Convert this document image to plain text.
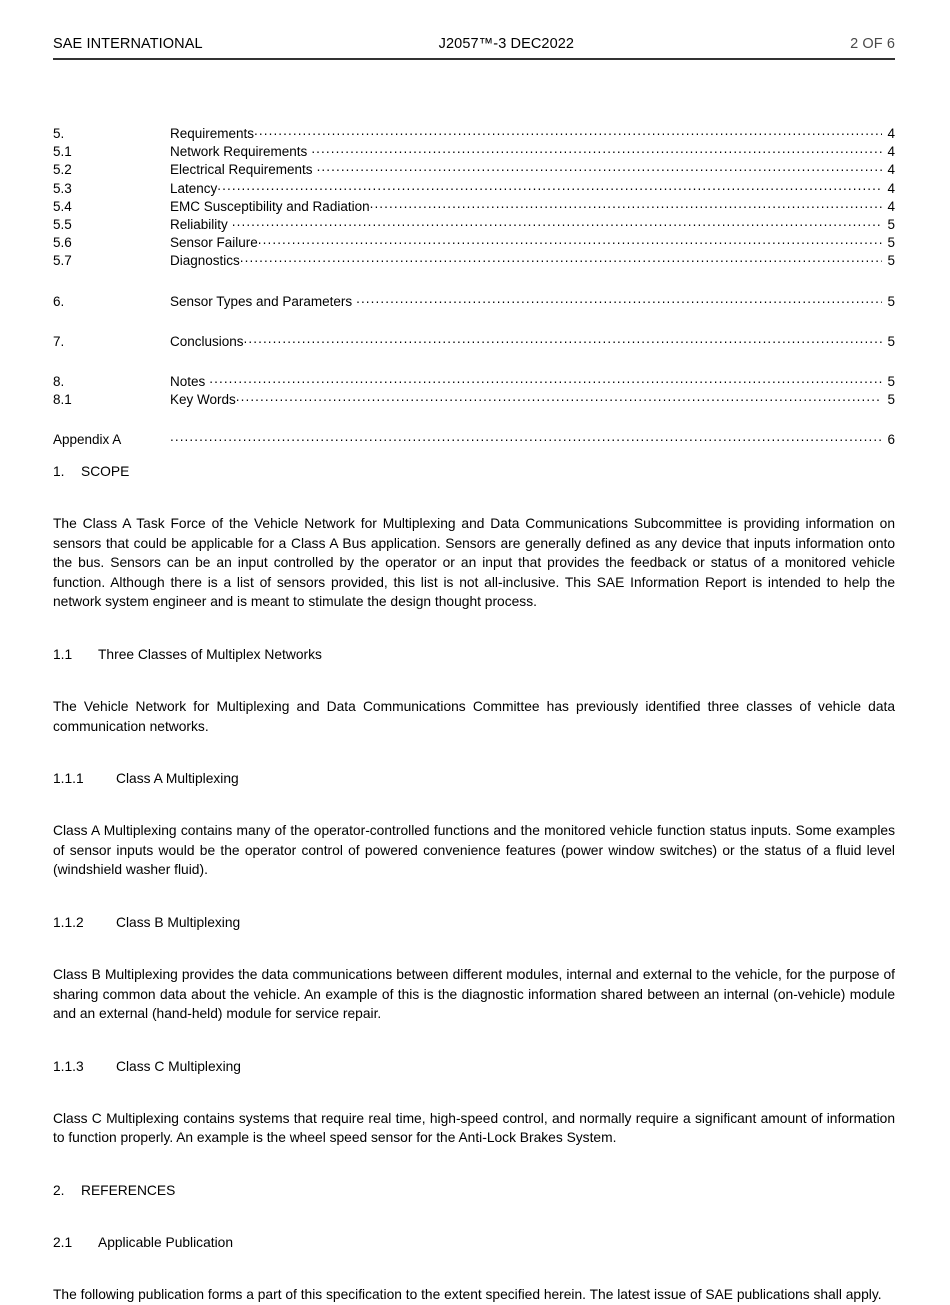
SAE INTERNATIONAL	J2057™-3 DEC2022	2 OF 6
5.	Requirements .....	4
5.1	Network Requirements .....	4
5.2	Electrical Requirements .....	4
5.3	Latency .....	4
5.4	EMC Susceptibility and Radiation .....	4
5.5	Reliability .....	5
5.6	Sensor Failure .....	5
5.7	Diagnostics .....	5
6.	Sensor Types and Parameters .....	5
7.	Conclusions .....	5
8.	Notes .....	5
8.1	Key Words .....	5
Appendix A .....	6
1.	SCOPE

The Class A Task Force of the Vehicle Network for Multiplexing and Data Communications Subcommittee is providing information on sensors that could be applicable for a Class A Bus application. Sensors are generally defined as any device that inputs information onto the bus. Sensors can be an input controlled by the operator or an input that provides the feedback or status of a monitored vehicle function. Although there is a list of sensors provided, this list is not all-inclusive. This SAE Information Report is intended to help the network system engineer and is meant to stimulate the design thought process.

1.1	Three Classes of Multiplex Networks

The Vehicle Network for Multiplexing and Data Communications Committee has previously identified three classes of vehicle data communication networks.

1.1.1	Class A Multiplexing

Class A Multiplexing contains many of the operator-controlled functions and the monitored vehicle function status inputs. Some examples of sensor inputs would be the operator control of powered convenience features (power window switches) or the status of a fluid level (windshield washer fluid).

1.1.2	Class B Multiplexing

Class B Multiplexing provides the data communications between different modules, internal and external to the vehicle, for the purpose of sharing common data about the vehicle. An example of this is the diagnostic information shared between an internal (on-vehicle) module and an external (hand-held) module for service repair.

1.1.3	Class C Multiplexing

Class C Multiplexing contains systems that require real time, high-speed control, and normally require a significant amount of information to function properly. An example is the wheel speed sensor for the Anti-Lock Brakes System.

2.	REFERENCES
2.1	Applicable Publication

The following publication forms a part of this specification to the extent specified herein. The latest issue of SAE publications shall apply.
